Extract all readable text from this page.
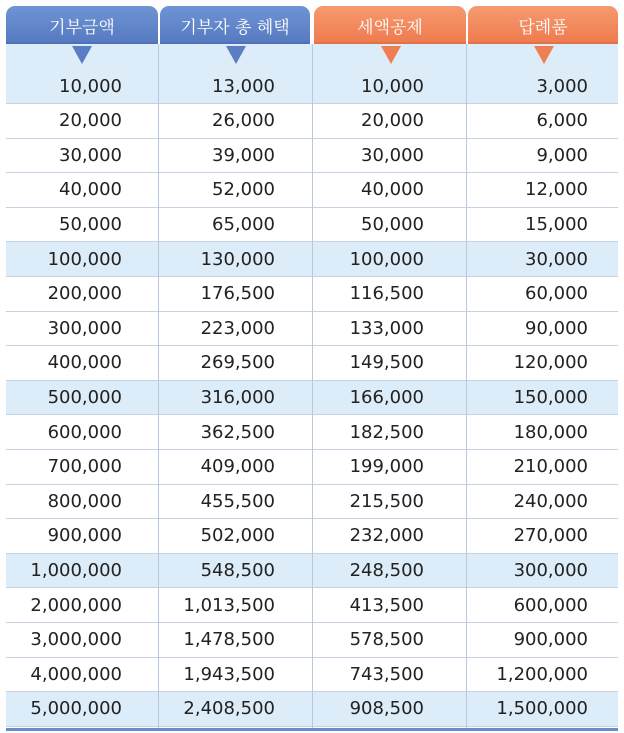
기부금액	기부자 총 혜택	세액공제	답례품
10,000	13,000	10,000	3,000
20,000	26,000	20,000	6,000
30,000	39,000	30,000	9,000
40,000	52,000	40,000	12,000
50,000	65,000	50,000	15,000
100,000	130,000	100,000	30,000
200,000	176,500	116,500	60,000
300,000	223,000	133,000	90,000
400,000	269,500	149,500	120,000
500,000	316,000	166,000	150,000
600,000	362,500	182,500	180,000
700,000	409,000	199,000	210,000
800,000	455,500	215,500	240,000
900,000	502,000	232,000	270,000
1,000,000	548,500	248,500	300,000
2,000,000	1,013,500	413,500	600,000
3,000,000	1,478,500	578,500	900,000
4,000,000	1,943,500	743,500	1,200,000
5,000,000	2,408,500	908,500	1,500,000
